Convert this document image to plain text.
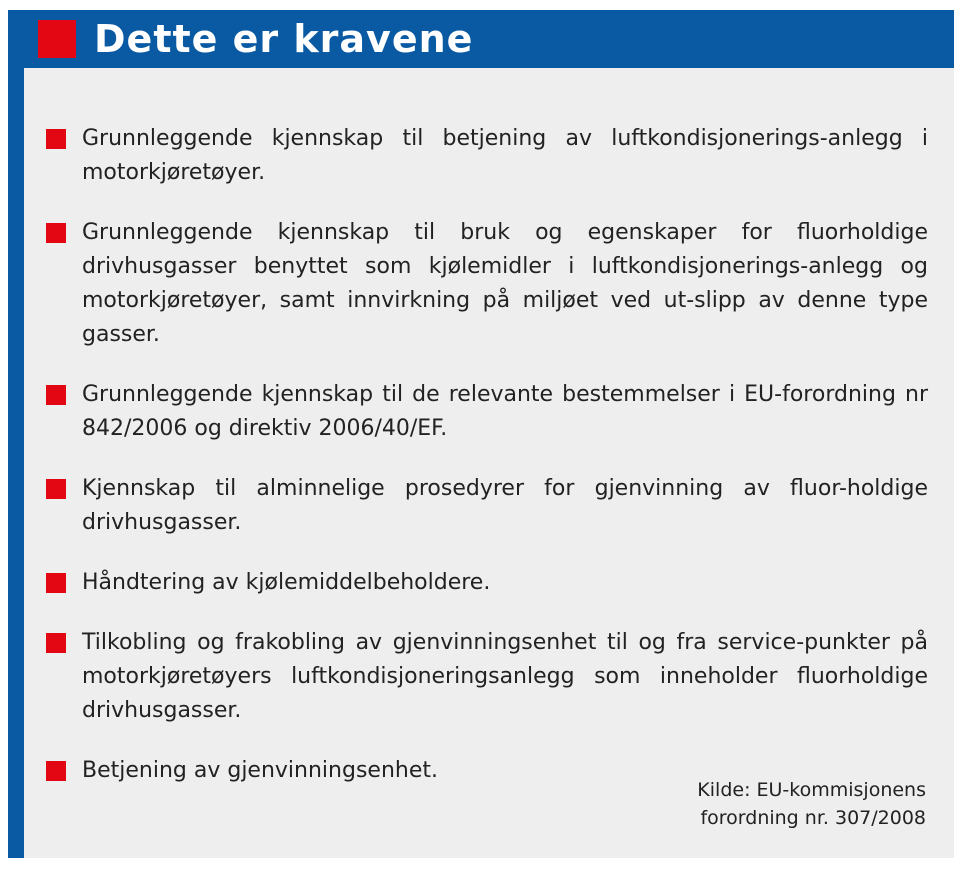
Dette er kravene
Grunnleggende kjennskap til betjening av luftkondisjonerings-anlegg i motorkjøretøyer.
Grunnleggende kjennskap til bruk og egenskaper for fluorholdige drivhusgasser benyttet som kjølemidler i luftkondisjonerings-anlegg og motorkjøretøyer, samt innvirkning på miljøet ved ut-slipp av denne type gasser.
Grunnleggende kjennskap til de relevante bestemmelser i EU-forordning nr 842/2006 og direktiv 2006/40/EF.
Kjennskap til alminnelige prosedyrer for gjenvinning av fluor-holdige drivhusgasser.
Håndtering av kjølemiddelbeholdere.
Tilkobling og frakobling av gjenvinningsenhet til og fra service-punkter på motorkjøretøyers luftkondisjoneringsanlegg som inneholder fluorholdige drivhusgasser.
Betjening av gjenvinningsenhet.
Kilde: EU-kommisjonens
forordning nr. 307/2008
